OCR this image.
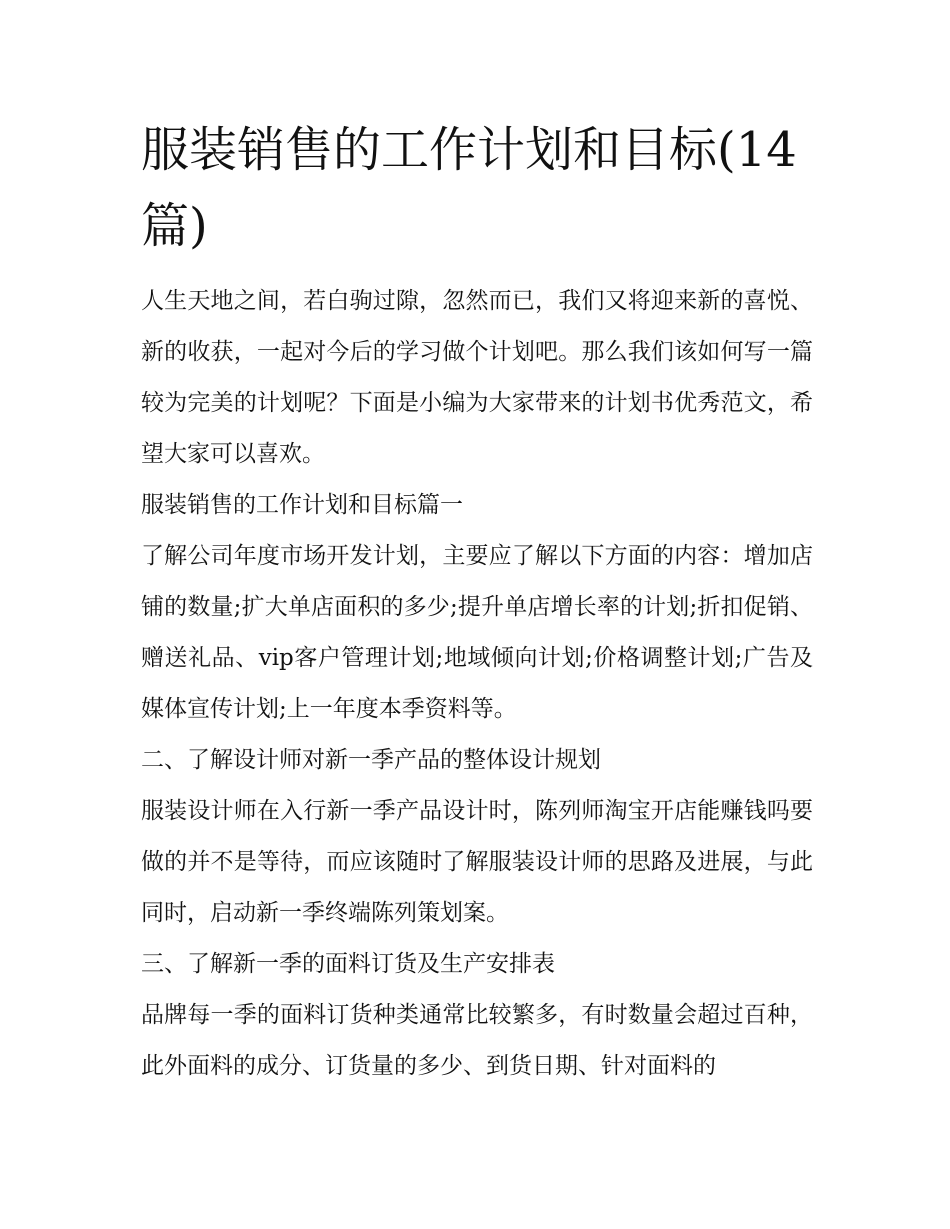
服装销售的工作计划和目标(14篇)

人生天地之间，若白驹过隙，忽然而已，我们又将迎来新的喜悦、新的收获，一起对今后的学习做个计划吧。那么我们该如何写一篇较为完美的计划呢？下面是小编为大家带来的计划书优秀范文，希望大家可以喜欢。

服装销售的工作计划和目标篇一

了解公司年度市场开发计划，主要应了解以下方面的内容：增加店铺的数量;扩大单店面积的多少;提升单店增长率的计划;折扣促销、赠送礼品、vip客户管理计划;地域倾向计划;价格调整计划;广告及媒体宣传计划;上一年度本季资料等。

二、了解设计师对新一季产品的整体设计规划

服装设计师在入行新一季产品设计时，陈列师淘宝开店能赚钱吗要做的并不是等待，而应该随时了解服装设计师的思路及进展，与此同时，启动新一季终端陈列策划案。

三、了解新一季的面料订货及生产安排表

品牌每一季的面料订货种类通常比较繁多，有时数量会超过百种，此外面料的成分、订货量的多少、到货日期、针对面料的
